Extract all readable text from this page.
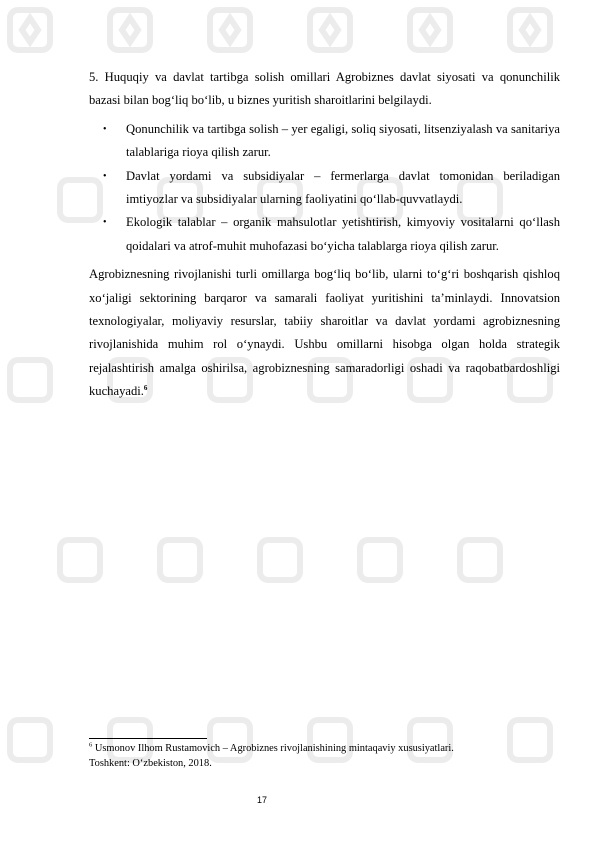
5. Huquqiy va davlat tartibga solish omillari Agrobiznes davlat siyosati va qonunchilik bazasi bilan bog‘liq bo‘lib, u biznes yuritish sharoitlarini belgilaydi.

• Qonunchilik va tartibga solish – yer egaligi, soliq siyosati, litsenziyalash va sanitariya talablariga rioya qilish zarur.
• Davlat yordami va subsidiyalar – fermerlarga davlat tomonidan beriladigan imtiyozlar va subsidiyalar ularning faoliyatini qo‘llab-quvvatlaydi.
• Ekologik talablar – organik mahsulotlar yetishtirish, kimyoviy vositalarni qo‘llash qoidalari va atrof-muhit muhofazasi bo‘yicha talablarga rioya qilish zarur.

Agrobiznesning rivojlanishi turli omillarga bog‘liq bo‘lib, ularni to‘g‘ri boshqarish qishloq xo‘jaligi sektorining barqaror va samarali faoliyat yuritishini ta’minlaydi. Innovatsion texnologiyalar, moliyaviy resurslar, tabiiy sharoitlar va davlat yordami agrobiznesning rivojlanishida muhim rol o‘ynaydi. Ushbu omillarni hisobga olgan holda strategik rejalashtirish amalga oshirilsa, agrobiznesning samaradorligi oshadi va raqobatbardoshligi kuchayadi.$^6$

$^6$ Usmonov Ilhom Rustamovich – Agrobiznes rivojlanishining mintaqaviy xususiyatlari.
Toshkent: O‘zbekiston, 2018.
17
